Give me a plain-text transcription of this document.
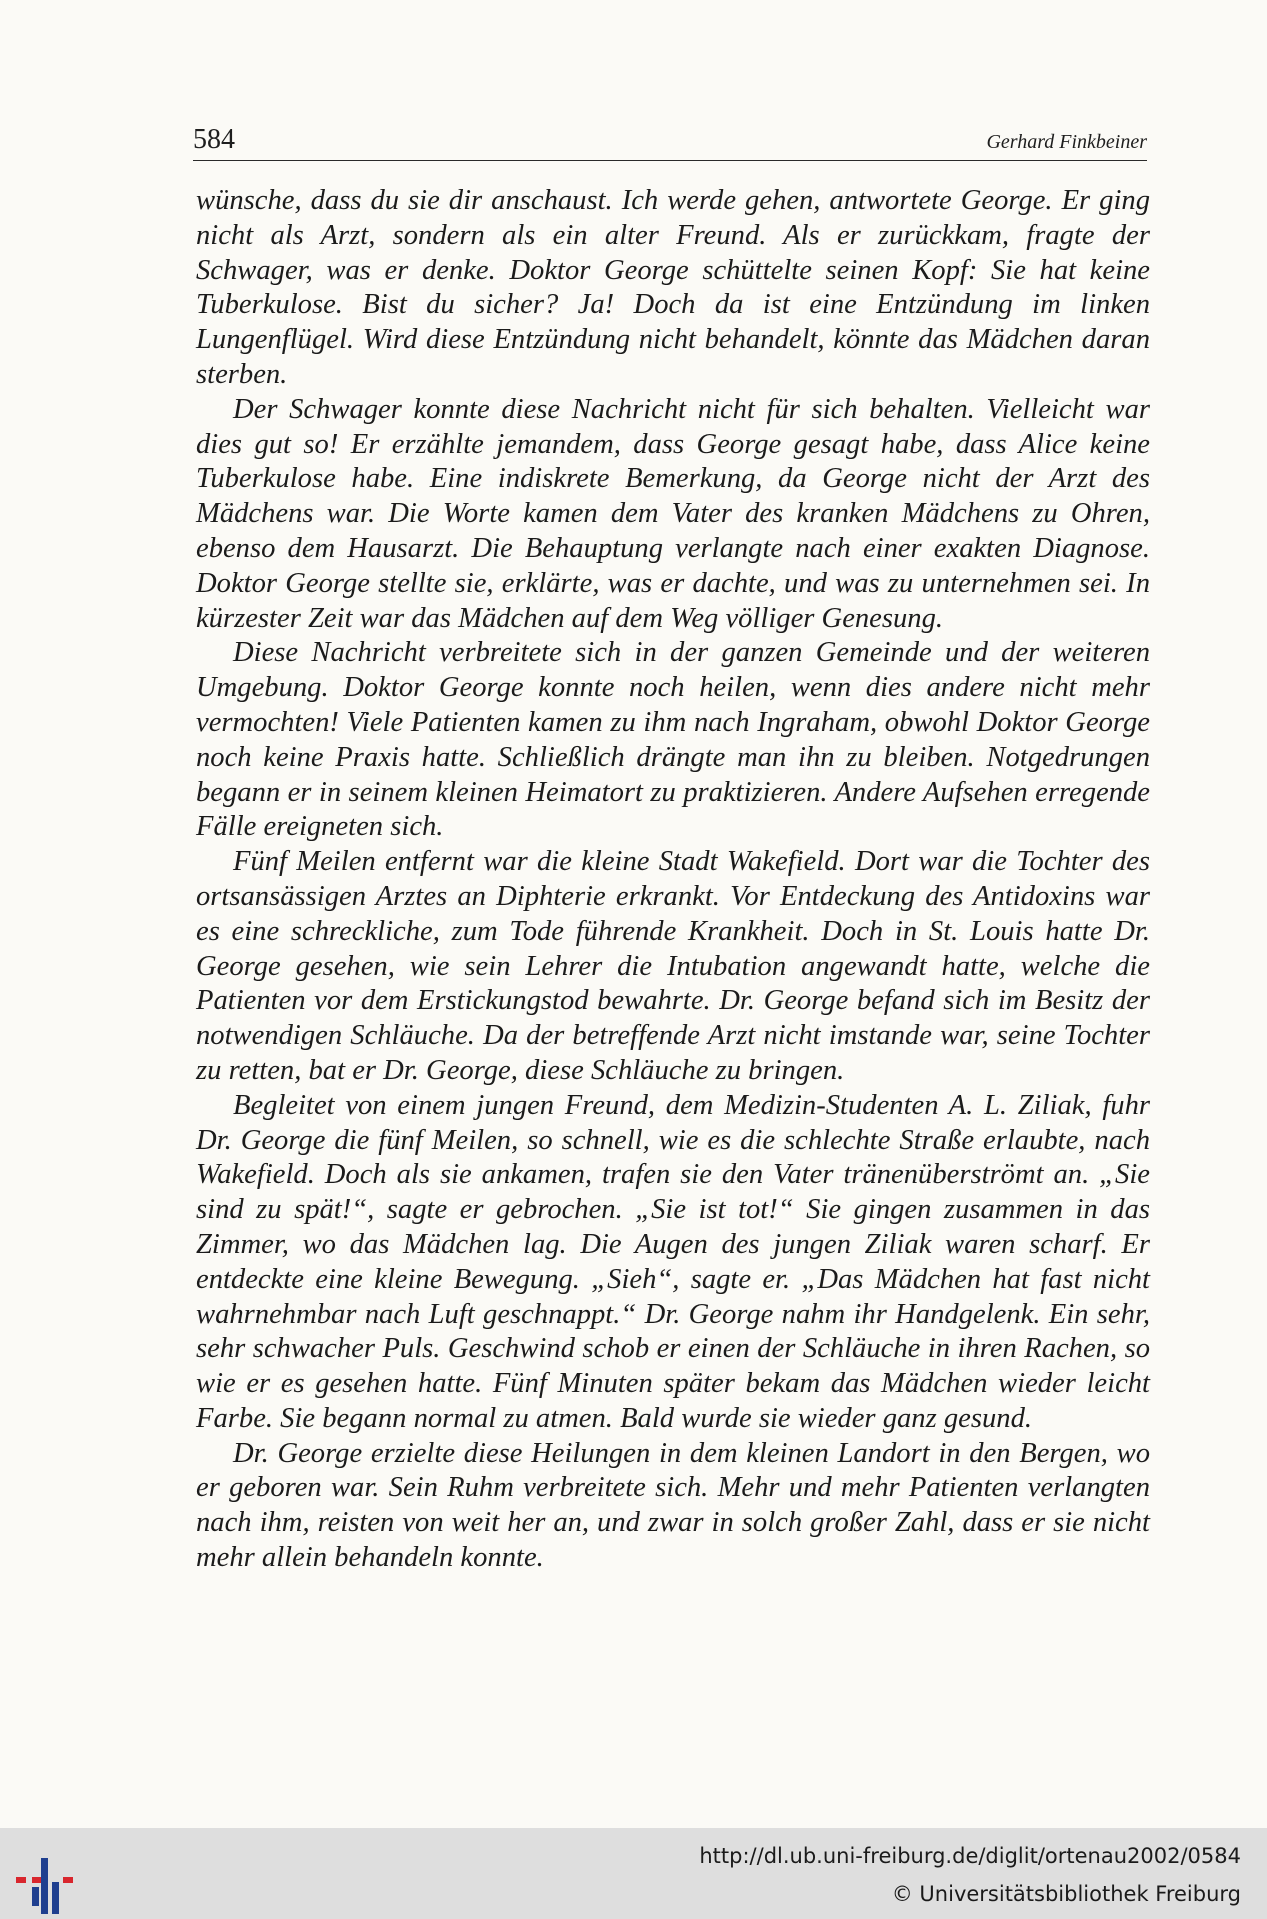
584	Gerhard Finkbeiner

wünsche, dass du sie dir anschaust. Ich werde gehen, antwortete George. Er ging nicht als Arzt, sondern als ein alter Freund. Als er zurückkam, fragte der Schwager, was er denke. Doktor George schüttelte seinen Kopf: Sie hat keine Tuberkulose. Bist du sicher? Ja! Doch da ist eine Entzündung im linken Lungenflügel. Wird diese Entzündung nicht behandelt, könnte das Mädchen daran sterben.

Der Schwager konnte diese Nachricht nicht für sich behalten. Vielleicht war dies gut so! Er erzählte jemandem, dass George gesagt habe, dass Alice keine Tuberkulose habe. Eine indiskrete Bemerkung, da George nicht der Arzt des Mädchens war. Die Worte kamen dem Vater des kranken Mädchens zu Ohren, ebenso dem Hausarzt. Die Behauptung verlangte nach einer exakten Diagnose. Doktor George stellte sie, erklärte, was er dachte, und was zu unternehmen sei. In kürzester Zeit war das Mädchen auf dem Weg völliger Genesung.

Diese Nachricht verbreitete sich in der ganzen Gemeinde und der weiteren Umgebung. Doktor George konnte noch heilen, wenn dies andere nicht mehr vermochten! Viele Patienten kamen zu ihm nach Ingraham, obwohl Doktor George noch keine Praxis hatte. Schließlich drängte man ihn zu bleiben. Notgedrungen begann er in seinem kleinen Heimatort zu praktizieren. Andere Aufsehen erregende Fälle ereigneten sich.

Fünf Meilen entfernt war die kleine Stadt Wakefield. Dort war die Tochter des ortsansässigen Arztes an Diphterie erkrankt. Vor Entdeckung des Antidoxins war es eine schreckliche, zum Tode führende Krankheit. Doch in St. Louis hatte Dr. George gesehen, wie sein Lehrer die Intubation angewandt hatte, welche die Patienten vor dem Erstickungstod bewahrte. Dr. George befand sich im Besitz der notwendigen Schläuche. Da der betreffende Arzt nicht imstande war, seine Tochter zu retten, bat er Dr. George, diese Schläuche zu bringen.

Begleitet von einem jungen Freund, dem Medizin-Studenten A. L. Ziliak, fuhr Dr. George die fünf Meilen, so schnell, wie es die schlechte Straße erlaubte, nach Wakefield. Doch als sie ankamen, trafen sie den Vater tränenüberströmt an. „Sie sind zu spät!“, sagte er gebrochen. „Sie ist tot!“ Sie gingen zusammen in das Zimmer, wo das Mädchen lag. Die Augen des jungen Ziliak waren scharf. Er entdeckte eine kleine Bewegung. „Sieh“, sagte er. „Das Mädchen hat fast nicht wahrnehmbar nach Luft geschnappt.“ Dr. George nahm ihr Handgelenk. Ein sehr, sehr schwacher Puls. Geschwind schob er einen der Schläuche in ihren Rachen, so wie er es gesehen hatte. Fünf Minuten später bekam das Mädchen wieder leicht Farbe. Sie begann normal zu atmen. Bald wurde sie wieder ganz gesund.

Dr. George erzielte diese Heilungen in dem kleinen Landort in den Bergen, wo er geboren war. Sein Ruhm verbreitete sich. Mehr und mehr Patienten verlangten nach ihm, reisten von weit her an, und zwar in solch großer Zahl, dass er sie nicht mehr allein behandeln konnte.

http://dl.ub.uni-freiburg.de/diglit/ortenau2002/0584
© Universitätsbibliothek Freiburg
